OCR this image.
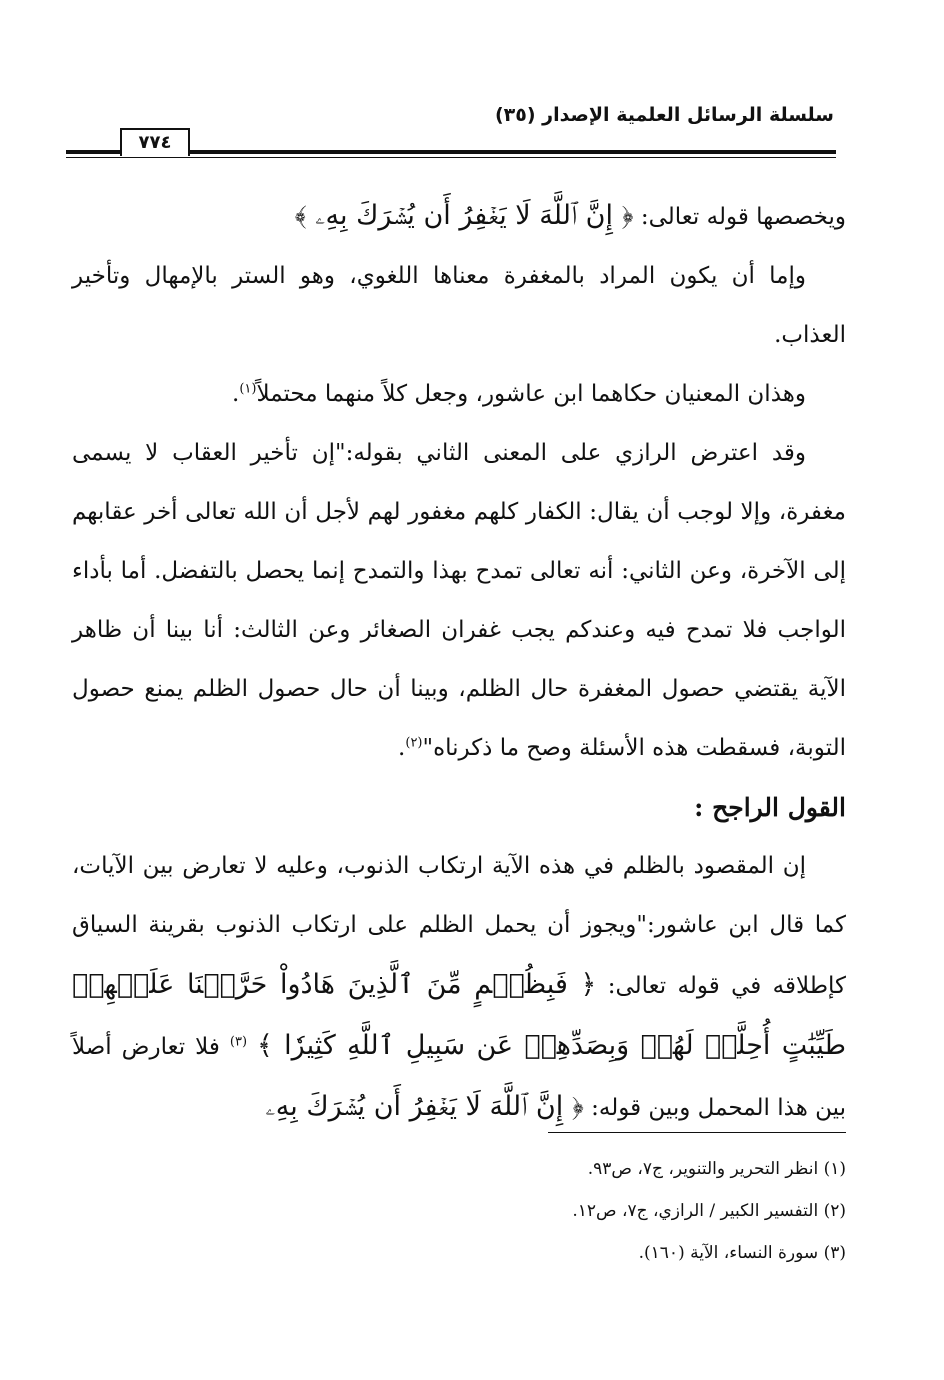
سلسلة الرسائل العلمية الإصدار (٣٥)
٧٧٤

ويخصصها قوله تعالى: ﴿ إِنَّ ٱللَّهَ لَا يَغۡفِرُ أَن يُشۡرَكَ بِهِۦ ﴾

وإما أن يكون المراد بالمغفرة معناها اللغوي، وهو الستر بالإمهال وتأخير العذاب.

وهذان المعنيان حكاهما ابن عاشور، وجعل كلاً منهما محتملاً$^{(١)}$.

وقد اعترض الرازي على المعنى الثاني بقوله:"إن تأخير العقاب لا يسمى مغفرة، وإلا لوجب أن يقال: الكفار كلهم مغفور لهم لأجل أن الله تعالى أخر عقابهم إلى الآخرة، وعن الثاني: أنه تعالى تمدح بهذا والتمدح إنما يحصل بالتفضل. أما بأداء الواجب فلا تمدح فيه وعندكم يجب غفران الصغائر وعن الثالث: أنا بينا أن ظاهر الآية يقتضي حصول المغفرة حال الظلم، وبينا أن حال حصول الظلم يمنع حصول التوبة، فسقطت هذه الأسئلة وصح ما ذكرناه"$^{(٢)}$.

القول الراجح :

إن المقصود بالظلم في هذه الآية ارتكاب الذنوب، وعليه لا تعارض بين الآيات، كما قال ابن عاشور:"ويجوز أن يحمل الظلم على ارتكاب الذنوب بقرينة السياق كإطلاقه في قوله تعالى: ﴿ فَبِظُلۡمٍ مِّنَ ٱلَّذِينَ هَادُواْ حَرَّمۡنَا عَلَيۡهِمۡ طَيِّبَٰتٍ أُحِلَّتۡ لَهُمۡ وَبِصَدِّهِمۡ عَن سَبِيلِ ٱللَّهِ كَثِيرٗا ﴾ $^{(٣)}$ فلا تعارض أصلاً بين هذا المحمل وبين قوله: ﴿ إِنَّ ٱللَّهَ لَا يَغۡفِرُ أَن يُشۡرَكَ بِهِۦ

(١) انظر التحرير والتنوير، ج٧، ص٩٣.

(٢) التفسير الكبير / الرازي، ج٧، ص١٢.

(٣) سورة النساء، الآية (١٦٠).
